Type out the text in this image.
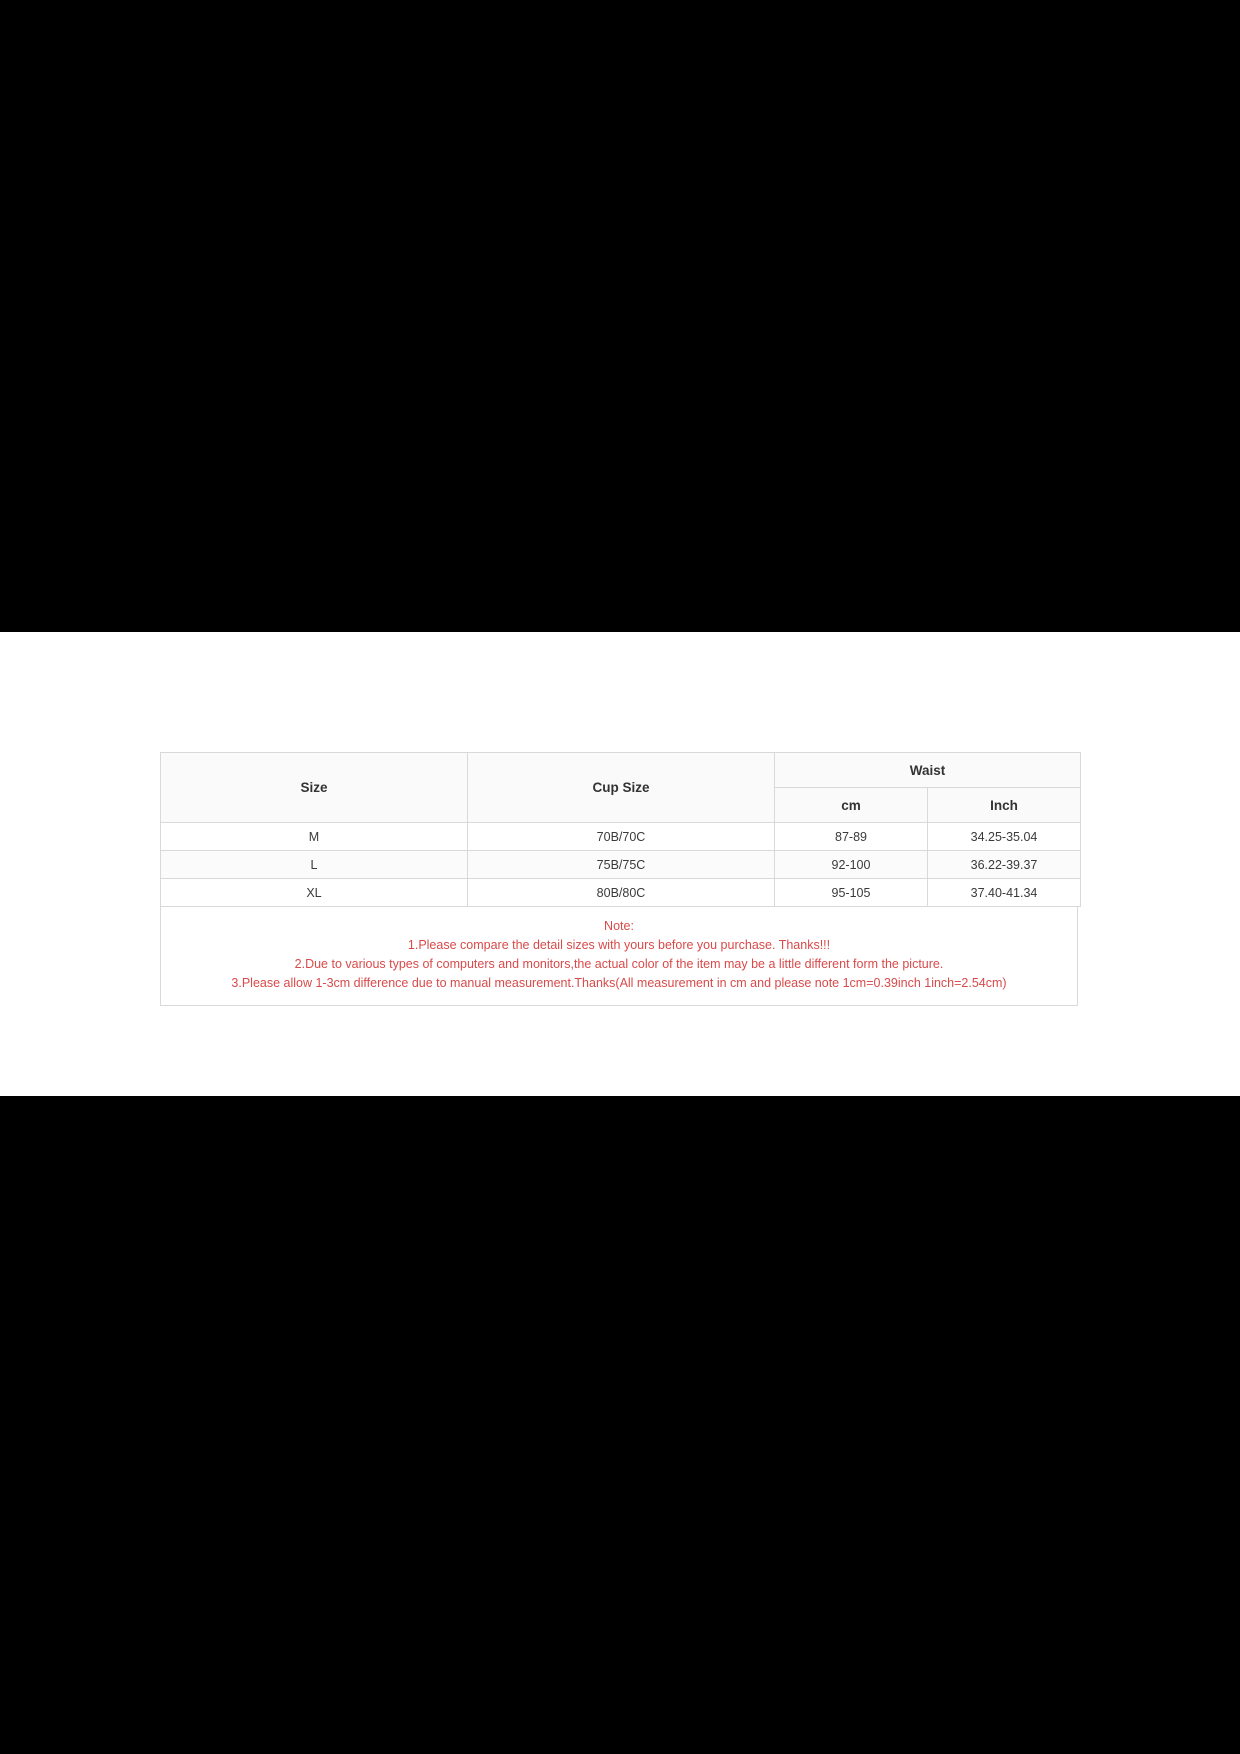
Size	Cup Size	Waist	
		cm	Inch
M	70B/70C	87-89	34.25-35.04
L	75B/75C	92-100	36.22-39.37
XL	80B/80C	95-105	37.40-41.34
Note:
1.Please compare the detail sizes with yours before you purchase. Thanks!!!
2.Due to various types of computers and monitors,the actual color of the item may be a little different form the picture.
3.Please allow 1-3cm difference due to manual measurement.Thanks(All measurement in cm and please note 1cm=0.39inch 1inch=2.54cm)
